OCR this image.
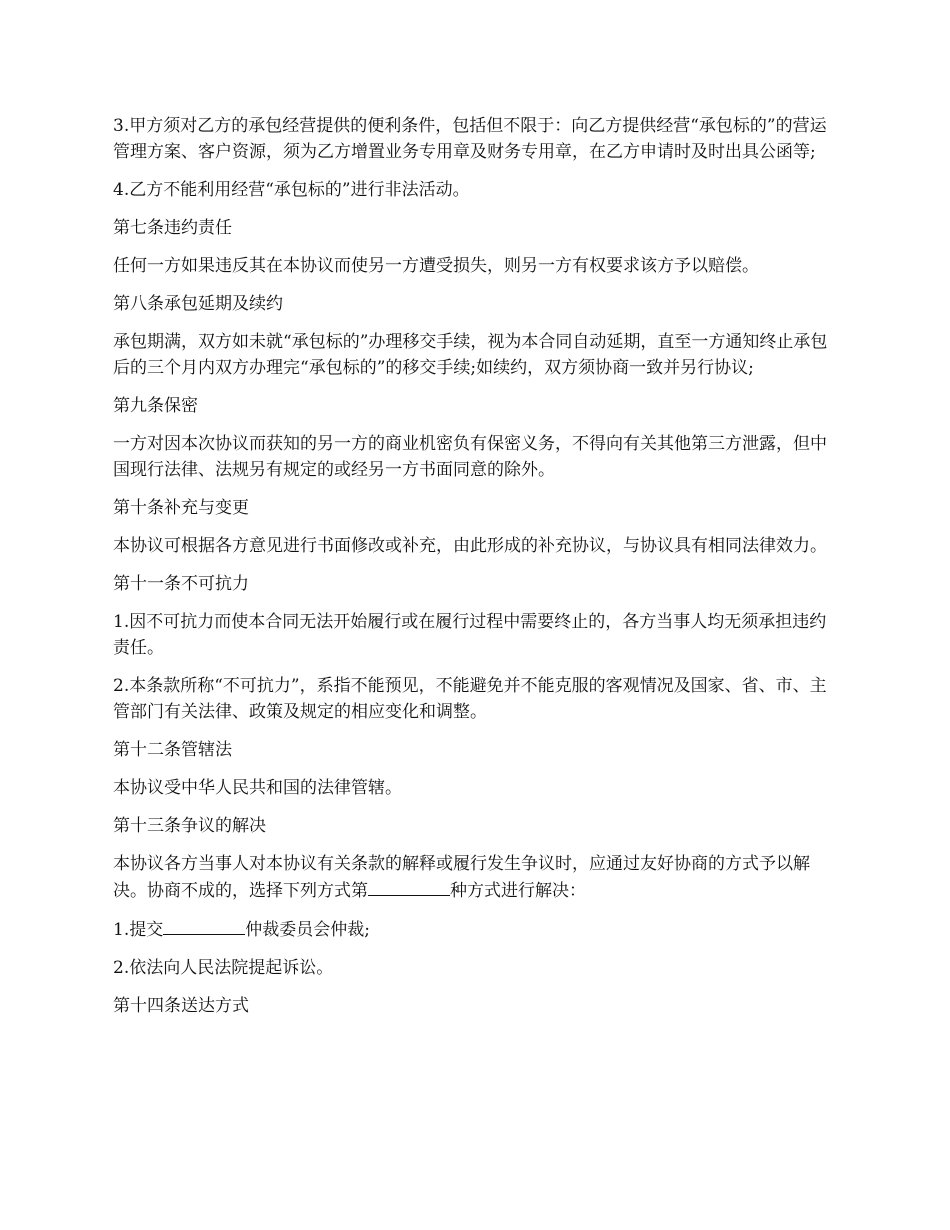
3.甲方须对乙方的承包经营提供的便利条件，包括但不限于：向乙方提供经营“承包标的”的营运管理方案、客户资源，须为乙方增置业务专用章及财务专用章，在乙方申请时及时出具公函等;

4.乙方不能利用经营“承包标的”进行非法活动。

第七条违约责任

任何一方如果违反其在本协议而使另一方遭受损失，则另一方有权要求该方予以赔偿。

第八条承包延期及续约

承包期满，双方如未就“承包标的”办理移交手续，视为本合同自动延期，直至一方通知终止承包后的三个月内双方办理完“承包标的”的移交手续;如续约，双方须协商一致并另行协议;

第九条保密

一方对因本次协议而获知的另一方的商业机密负有保密义务，不得向有关其他第三方泄露，但中国现行法律、法规另有规定的或经另一方书面同意的除外。

第十条补充与变更

本协议可根据各方意见进行书面修改或补充，由此形成的补充协议，与协议具有相同法律效力。

第十一条不可抗力

1.因不可抗力而使本合同无法开始履行或在履行过程中需要终止的，各方当事人均无须承担违约责任。

2.本条款所称“不可抗力”，系指不能预见，不能避免并不能克服的客观情况及国家、省、市、主管部门有关法律、政策及规定的相应变化和调整。

第十二条管辖法

本协议受中华人民共和国的法律管辖。

第十三条争议的解决

本协议各方当事人对本协议有关条款的解释或履行发生争议时，应通过友好协商的方式予以解决。协商不成的，选择下列方式第	种方式进行解决：

1.提交	仲裁委员会仲裁;

2.依法向人民法院提起诉讼。

第十四条送达方式
